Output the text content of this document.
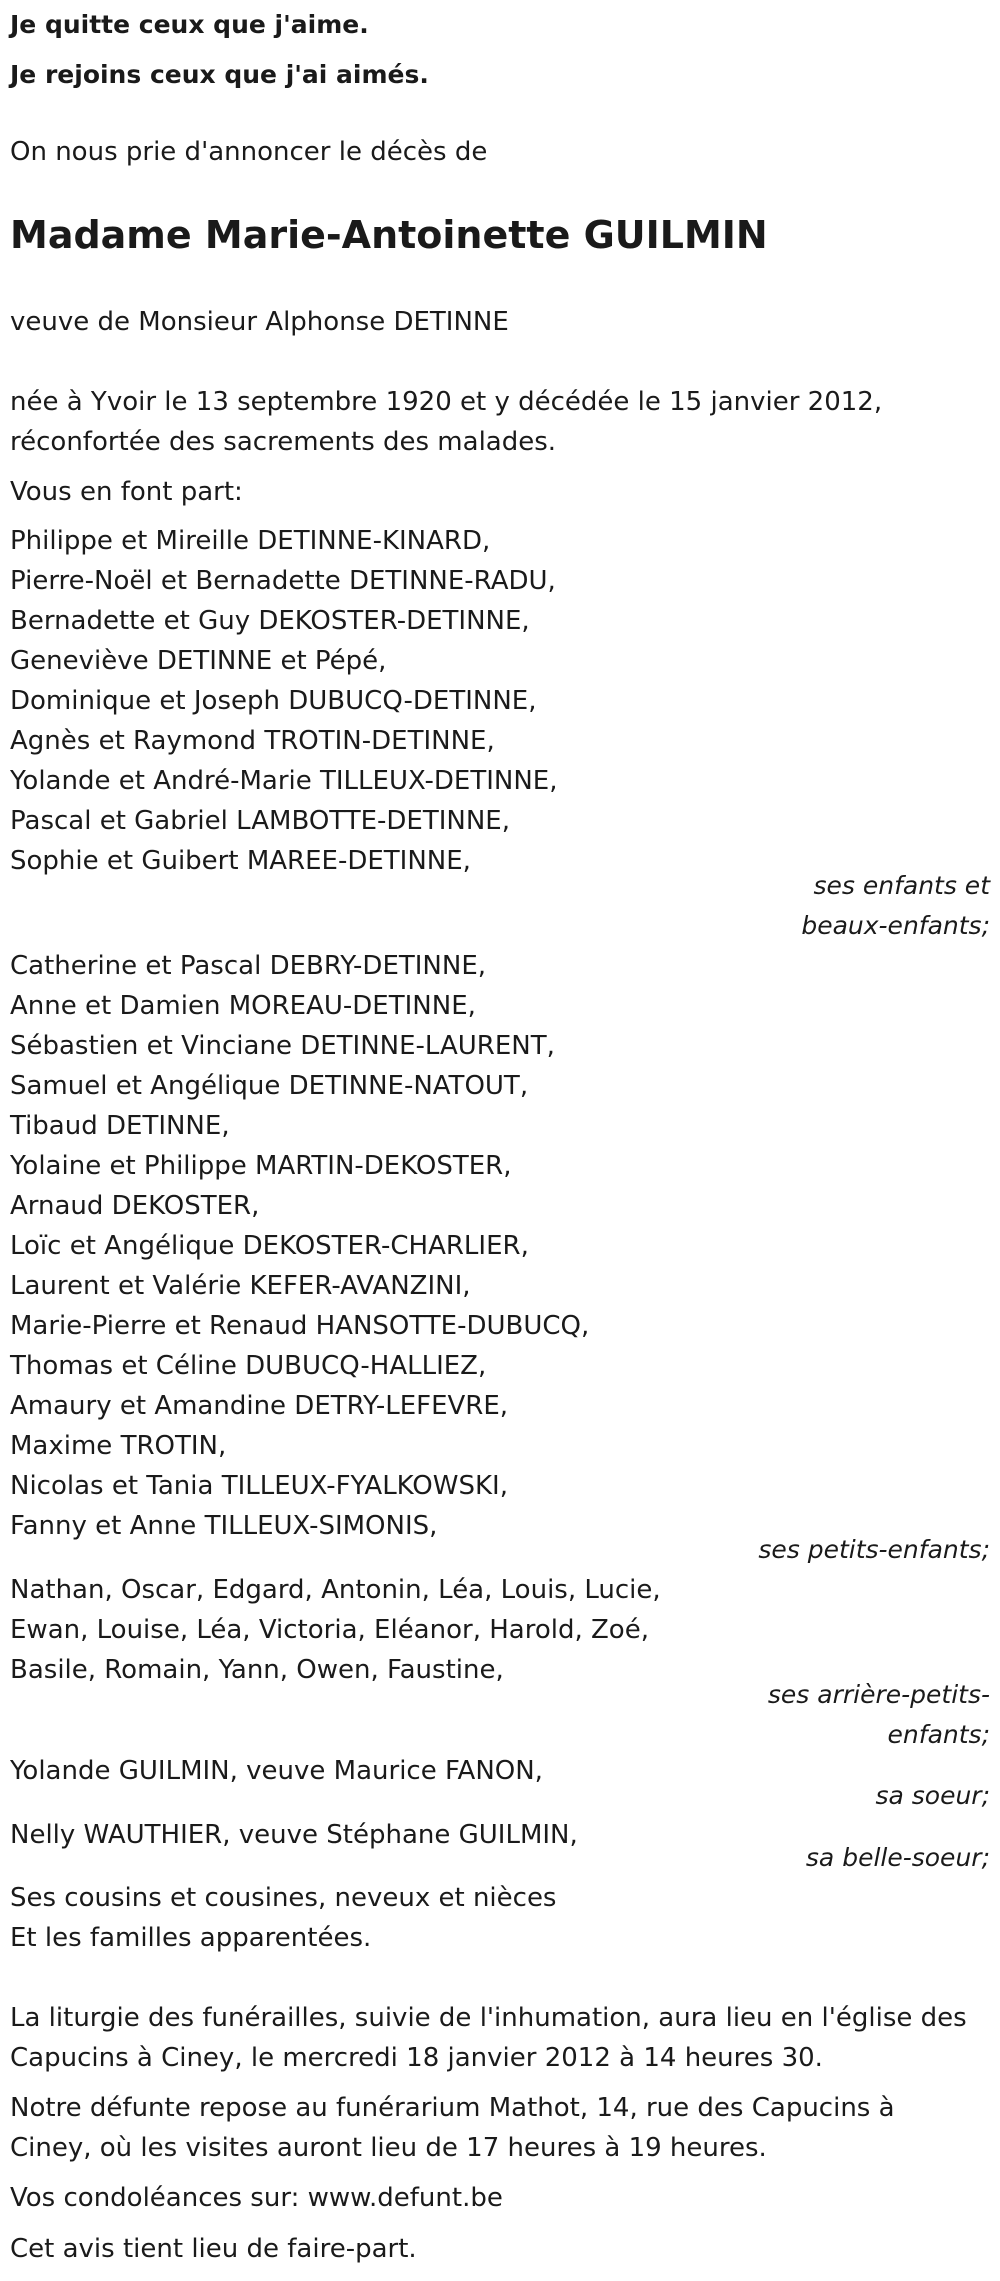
Je quitte ceux que j'aime.
Je rejoins ceux que j'ai aimés.
On nous prie d'annoncer le décès de
Madame Marie-Antoinette GUILMIN
veuve de Monsieur Alphonse DETINNE
née à Yvoir le 13 septembre 1920 et y décédée le 15 janvier 2012,
réconfortée des sacrements des malades.
Vous en font part:
Philippe et Mireille DETINNE-KINARD,
Pierre-Noël et Bernadette DETINNE-RADU,
Bernadette et Guy DEKOSTER-DETINNE,
Geneviève DETINNE et Pépé,
Dominique et Joseph DUBUCQ-DETINNE,
Agnès et Raymond TROTIN-DETINNE,
Yolande et André-Marie TILLEUX-DETINNE,
Pascal et Gabriel LAMBOTTE-DETINNE,
Sophie et Guibert MAREE-DETINNE,
ses enfants et
beaux-enfants;
Catherine et Pascal DEBRY-DETINNE,
Anne et Damien MOREAU-DETINNE,
Sébastien et Vinciane DETINNE-LAURENT,
Samuel et Angélique DETINNE-NATOUT,
Tibaud DETINNE,
Yolaine et Philippe MARTIN-DEKOSTER,
Arnaud DEKOSTER,
Loïc et Angélique DEKOSTER-CHARLIER,
Laurent et Valérie KEFER-AVANZINI,
Marie-Pierre et Renaud HANSOTTE-DUBUCQ,
Thomas et Céline DUBUCQ-HALLIEZ,
Amaury et Amandine DETRY-LEFEVRE,
Maxime TROTIN,
Nicolas et Tania TILLEUX-FYALKOWSKI,
Fanny et Anne TILLEUX-SIMONIS,
ses petits-enfants;
Nathan, Oscar, Edgard, Antonin, Léa, Louis, Lucie,
Ewan, Louise, Léa, Victoria, Eléanor, Harold, Zoé,
Basile, Romain, Yann, Owen, Faustine,
ses arrière-petits-
enfants;
Yolande GUILMIN, veuve Maurice FANON,
sa soeur;
Nelly WAUTHIER, veuve Stéphane GUILMIN,
sa belle-soeur;
Ses cousins et cousines, neveux et nièces
Et les familles apparentées.
La liturgie des funérailles, suivie de l'inhumation, aura lieu en l'église des
Capucins à Ciney, le mercredi 18 janvier 2012 à 14 heures 30.
Notre défunte repose au funérarium Mathot, 14, rue des Capucins à
Ciney, où les visites auront lieu de 17 heures à 19 heures.
Vos condoléances sur: www.defunt.be
Cet avis tient lieu de faire-part.
